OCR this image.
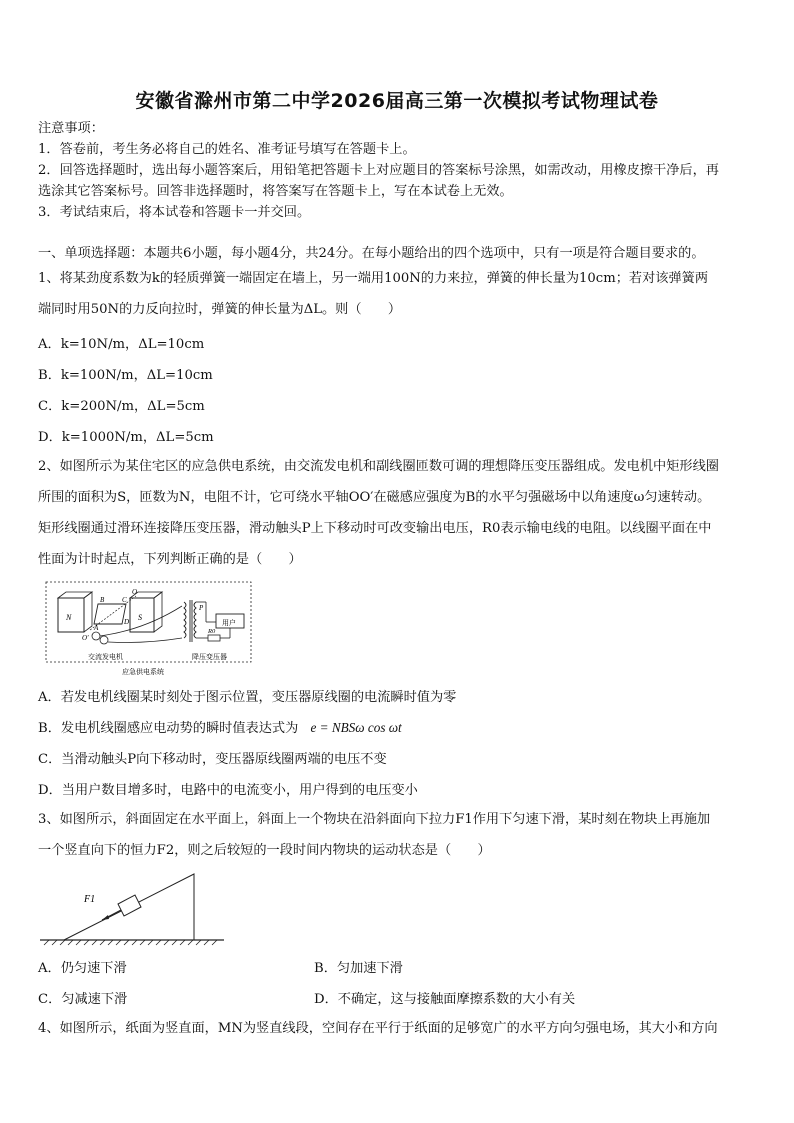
安徽省滁州市第二中学2026届高三第一次模拟考试物理试卷
注意事项：
1．答卷前，考生务必将自己的姓名、准考证号填写在答题卡上。
2．回答选择题时，选出每小题答案后，用铅笔把答题卡上对应题目的答案标号涂黑，如需改动，用橡皮擦干净后，再
选涂其它答案标号。回答非选择题时，将答案写在答题卡上，写在本试卷上无效。
3．考试结束后，将本试卷和答题卡一并交回。
一、单项选择题：本题共6小题，每小题4分，共24分。在每小题给出的四个选项中，只有一项是符合题目要求的。
1、将某劲度系数为k的轻质弹簧一端固定在墙上，另一端用100N的力来拉，弹簧的伸长量为10cm；若对该弹簧两
端同时用50N的力反向拉时，弹簧的伸长量为ΔL。则（　　）
A．k=10N/m，ΔL=10cm
B．k=100N/m，ΔL=10cm
C．k=200N/m，ΔL=5cm
D．k=1000N/m，ΔL=5cm
2、如图所示为某住宅区的应急供电系统，由交流发电机和副线圈匝数可调的理想降压变压器组成。发电机中矩形线圈
所围的面积为S，匝数为N，电阻不计，它可绕水平轴OO′在磁感应强度为B的水平匀强磁场中以角速度ω匀速转动。
矩形线圈通过滑环连接降压变压器，滑动触头P上下移动时可改变输出电压，R0表示输电线的电阻。以线圈平面在中
性面为计时起点，下列判断正确的是（　　）
N	S
B	C
D
A
O
O′
P
用户
R0
交流发电机	降压变压器
应急供电系统
A．若发电机线圈某时刻处于图示位置，变压器原线圈的电流瞬时值为零
B．发电机线圈感应电动势的瞬时值表达式为 e = NBSω cos ωt
C．当滑动触头P向下移动时，变压器原线圈两端的电压不变
D．当用户数目增多时，电路中的电流变小，用户得到的电压变小
3、如图所示，斜面固定在水平面上，斜面上一个物块在沿斜面向下拉力F1作用下匀速下滑，某时刻在物块上再施加
一个竖直向下的恒力F2，则之后较短的一段时间内物块的运动状态是（　　）
F1
A．仍匀速下滑	B．匀加速下滑
C．匀减速下滑	D．不确定，这与接触面摩擦系数的大小有关
4、如图所示，纸面为竖直面，MN为竖直线段，空间存在平行于纸面的足够宽广的水平方向匀强电场，其大小和方向
